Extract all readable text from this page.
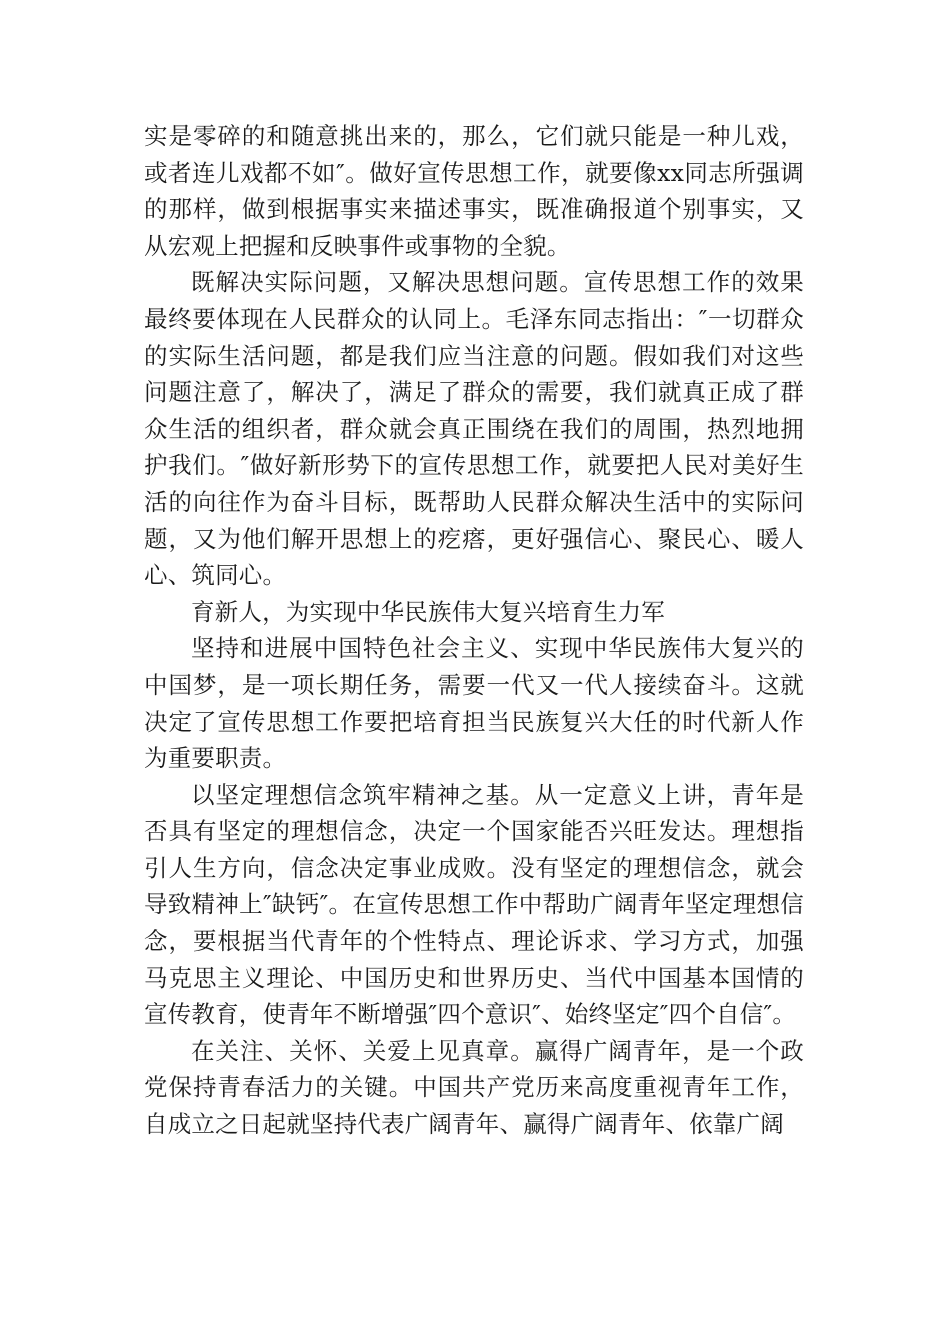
实是零碎的和随意挑出来的，那么，它们就只能是一种儿戏，或者连儿戏都不如″。做好宣传思想工作，就要像xx同志所强调的那样，做到根据事实来描述事实，既准确报道个别事实，又从宏观上把握和反映事件或事物的全貌。

既解决实际问题，又解决思想问题。宣传思想工作的效果最终要体现在人民群众的认同上。毛泽东同志指出：″一切群众的实际生活问题，都是我们应当注意的问题。假如我们对这些问题注意了，解决了，满足了群众的需要，我们就真正成了群众生活的组织者，群众就会真正围绕在我们的周围，热烈地拥护我们。″做好新形势下的宣传思想工作，就要把人民对美好生活的向往作为奋斗目标，既帮助人民群众解决生活中的实际问题，又为他们解开思想上的疙瘩，更好强信心、聚民心、暖人心、筑同心。

育新人，为实现中华民族伟大复兴培育生力军

坚持和进展中国特色社会主义、实现中华民族伟大复兴的中国梦，是一项长期任务，需要一代又一代人接续奋斗。这就决定了宣传思想工作要把培育担当民族复兴大任的时代新人作为重要职责。

以坚定理想信念筑牢精神之基。从一定意义上讲，青年是否具有坚定的理想信念，决定一个国家能否兴旺发达。理想指引人生方向，信念决定事业成败。没有坚定的理想信念，就会导致精神上″缺钙″。在宣传思想工作中帮助广阔青年坚定理想信念，要根据当代青年的个性特点、理论诉求、学习方式，加强马克思主义理论、中国历史和世界历史、当代中国基本国情的宣传教育，使青年不断增强″四个意识″、始终坚定″四个自信″。

在关注、关怀、关爱上见真章。赢得广阔青年，是一个政党保持青春活力的关键。中国共产党历来高度重视青年工作，自成立之日起就坚持代表广阔青年、赢得广阔青年、依靠广阔
